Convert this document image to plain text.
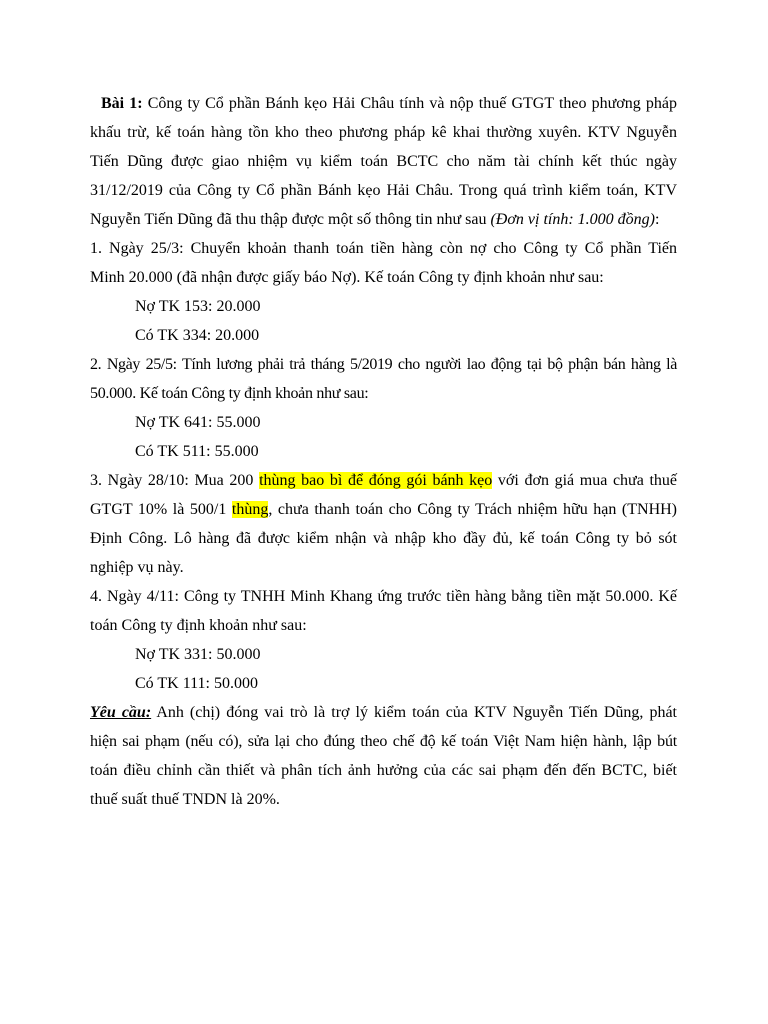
Bài 1: Công ty Cổ phần Bánh kẹo Hải Châu tính và nộp thuế GTGT theo phương pháp
khấu trừ, kế toán hàng tồn kho theo phương pháp kê khai thường xuyên. KTV Nguyễn
Tiến Dũng được giao nhiệm vụ kiểm toán BCTC cho năm tài chính kết thúc ngày
31/12/2019 của Công ty Cổ phần Bánh kẹo Hải Châu. Trong quá trình kiểm toán, KTV
Nguyễn Tiến Dũng đã thu thập được một số thông tin như sau (Đơn vị tính: 1.000 đồng):
1. Ngày 25/3: Chuyển khoản thanh toán tiền hàng còn nợ cho Công ty Cổ phần Tiến
Minh 20.000 (đã nhận được giấy báo Nợ). Kế toán Công ty định khoản như sau:
Nợ TK 153: 20.000
Có TK 334: 20.000
2. Ngày 25/5: Tính lương phải trả tháng 5/2019 cho người lao động tại bộ phận bán hàng là
50.000. Kế toán Công ty định khoản như sau:
Nợ TK 641: 55.000
Có TK 511: 55.000
3. Ngày 28/10: Mua 200 thùng bao bì để đóng gói bánh kẹo với đơn giá mua chưa thuế
GTGT 10% là 500/1 thùng, chưa thanh toán cho Công ty Trách nhiệm hữu hạn (TNHH)
Định Công. Lô hàng đã được kiểm nhận và nhập kho đầy đủ, kế toán Công ty bỏ sót
nghiệp vụ này.
4. Ngày 4/11: Công ty TNHH Minh Khang ứng trước tiền hàng bằng tiền mặt 50.000. Kế
toán Công ty định khoản như sau:
Nợ TK 331: 50.000
Có TK 111: 50.000
Yêu cầu: Anh (chị) đóng vai trò là trợ lý kiểm toán của KTV Nguyễn Tiến Dũng, phát
hiện sai phạm (nếu có), sửa lại cho đúng theo chế độ kế toán Việt Nam hiện hành, lập bút
toán điều chỉnh cần thiết và phân tích ảnh hưởng của các sai phạm đến đến BCTC, biết
thuế suất thuế TNDN là 20%.
